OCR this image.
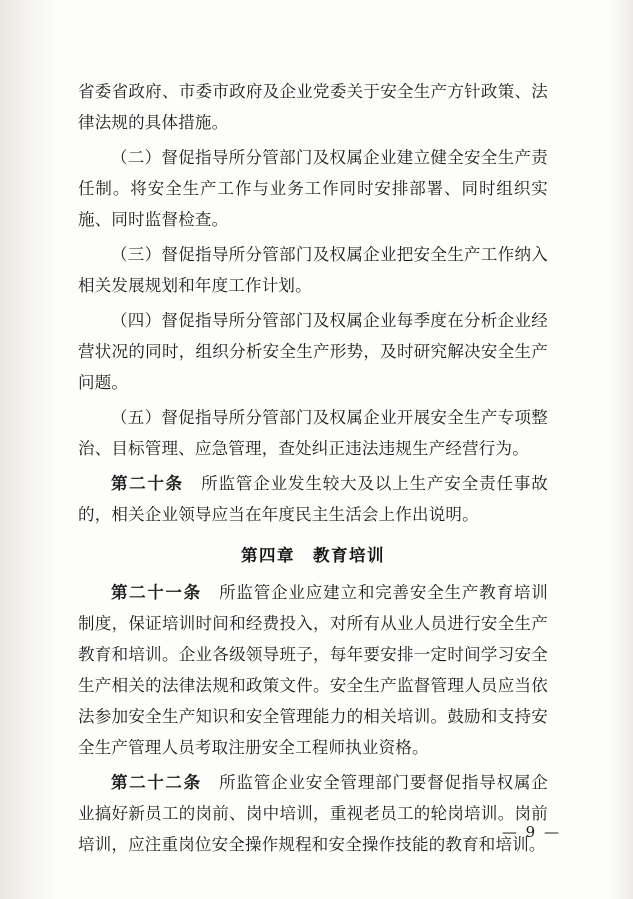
省委省政府、市委市政府及企业党委关于安全生产方针政策、法律法规的具体措施。

（二）督促指导所分管部门及权属企业建立健全安全生产责任制。将安全生产工作与业务工作同时安排部署、同时组织实施、同时监督检查。

（三）督促指导所分管部门及权属企业把安全生产工作纳入相关发展规划和年度工作计划。

（四）督促指导所分管部门及权属企业每季度在分析企业经营状况的同时，组织分析安全生产形势，及时研究解决安全生产问题。

（五）督促指导所分管部门及权属企业开展安全生产专项整治、目标管理、应急管理，查处纠正违法违规生产经营行为。

第二十条　所监管企业发生较大及以上生产安全责任事故的，相关企业领导应当在年度民主生活会上作出说明。

第四章 教育培训

第二十一条　所监管企业应建立和完善安全生产教育培训制度，保证培训时间和经费投入，对所有从业人员进行安全生产教育和培训。企业各级领导班子，每年要安排一定时间学习安全生产相关的法律法规和政策文件。安全生产监督管理人员应当依法参加安全生产知识和安全管理能力的相关培训。鼓励和支持安全生产管理人员考取注册安全工程师执业资格。

第二十二条　所监管企业安全管理部门要督促指导权属企业搞好新员工的岗前、岗中培训，重视老员工的轮岗培训。岗前培训，应注重岗位安全操作规程和安全操作技能的教育和培训。

— 9 —
